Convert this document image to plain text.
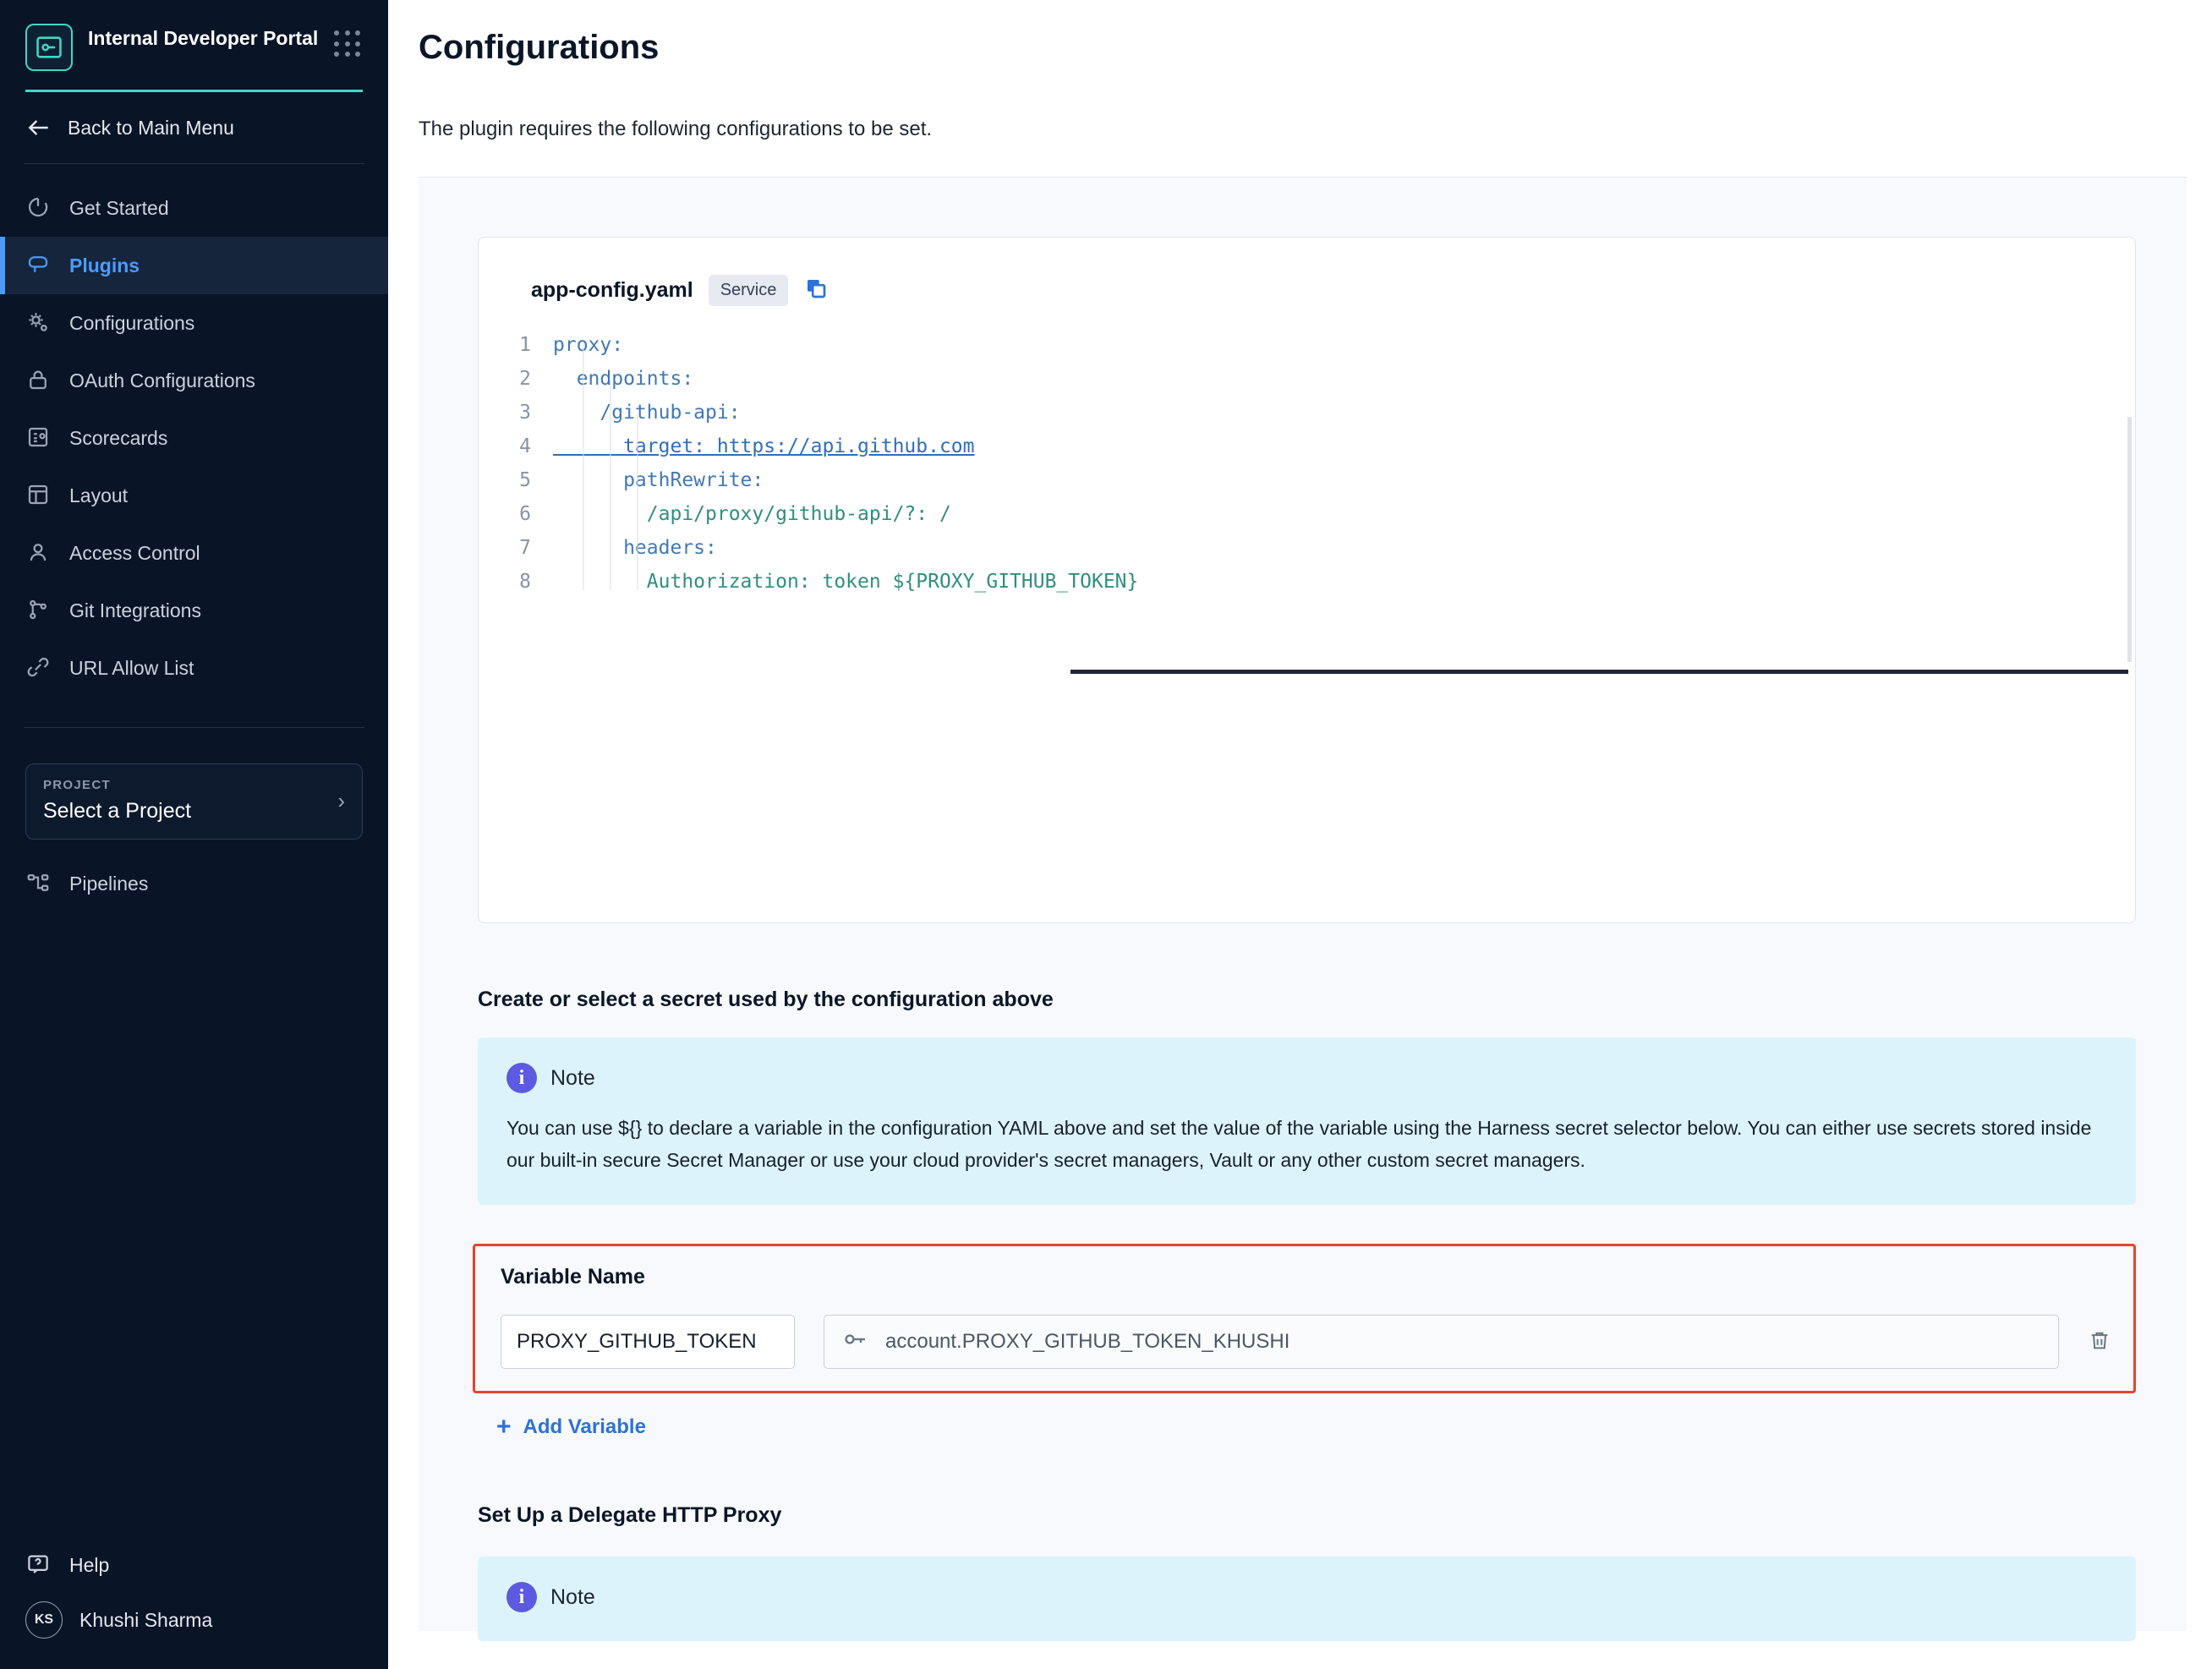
Internal Developer Portal
Back to Main Menu
Get Started
Plugins
Configurations
OAuth Configurations
Scorecards
Layout
Access Control
Git Integrations
URL Allow List
PROJECT
Select a Project	›
Pipelines
Help
KS	Khushi Sharma
Configurations
The plugin requires the following configurations to be set.
app-config.yaml	Service
1	proxy:
2	endpoints:
3	/github-api:
4	target: https://api.github.com
5	pathRewrite:
6	/api/proxy/github-api/?: /
7	headers:
8	Authorization: token ${PROXY_GITHUB_TOKEN}
Create or select a secret used by the configuration above
i	Note
You can use ${} to declare a variable in the configuration YAML above and set the value of the variable using the Harness secret selector below. You can either use secrets stored inside our built-in secure Secret Manager or use your cloud provider's secret managers, Vault or any other custom secret managers.
Variable Name
PROXY_GITHUB_TOKEN
account.PROXY_GITHUB_TOKEN_KHUSHI
+ Add Variable
Set Up a Delegate HTTP Proxy
i	Note
